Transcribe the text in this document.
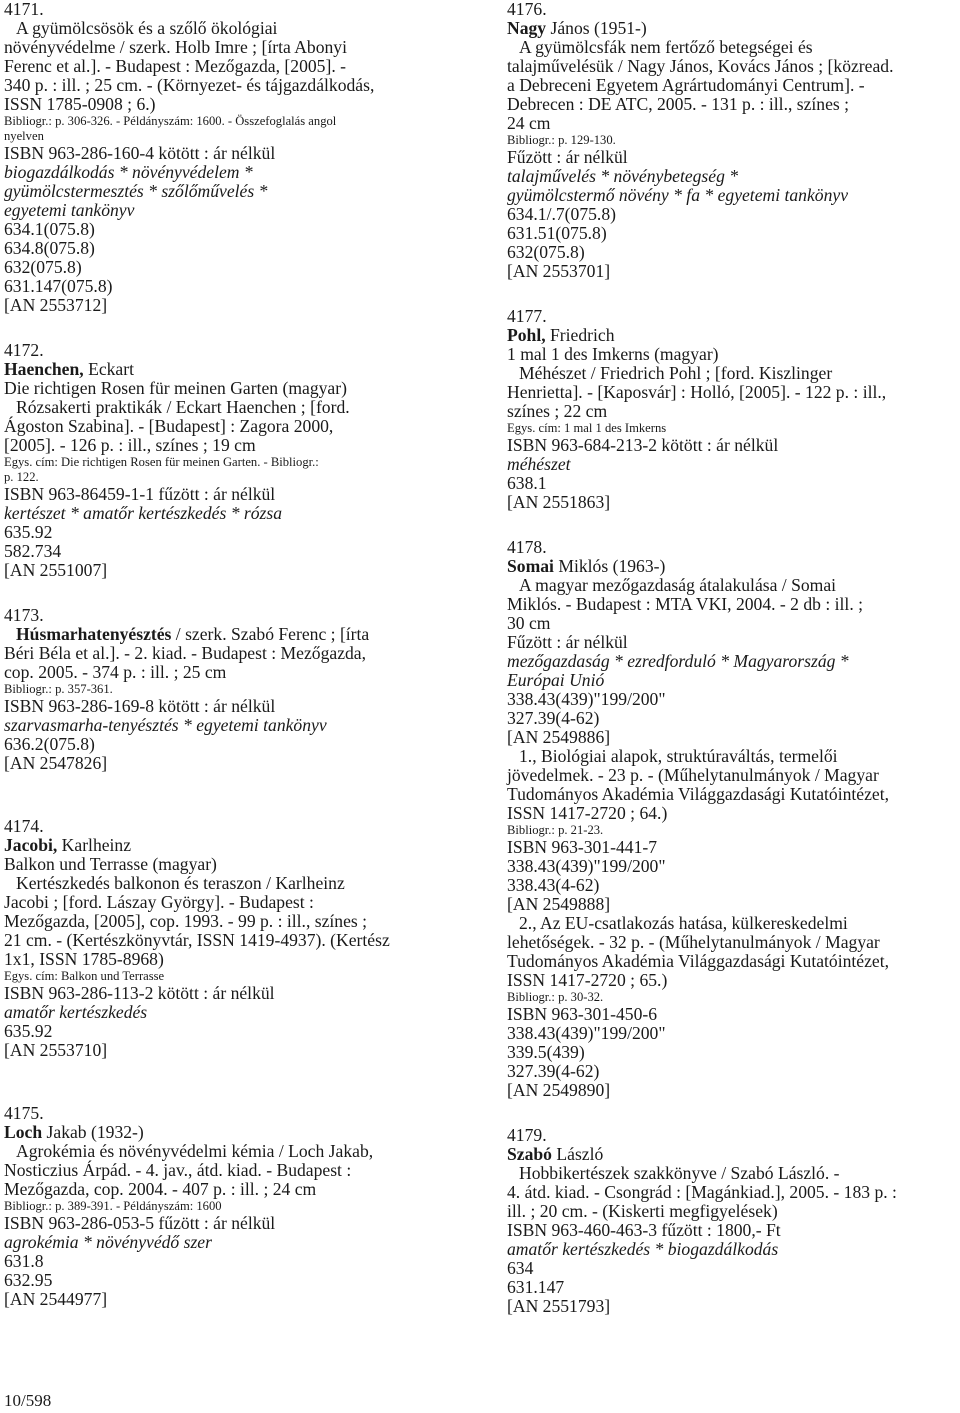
4171.
A gyümölcsösök és a szőlő ökológiai
növényvédelme / szerk. Holb Imre ; [írta Abonyi
Ferenc et al.]. - Budapest : Mezőgazda, [2005]. -
340 p. : ill. ; 25 cm. - (Környezet- és tájgazdálkodás,
ISSN 1785-0908 ; 6.)
Bibliogr.: p. 306-326. - Példányszám: 1600. - Összefoglalás angol
nyelven
ISBN 963-286-160-4 kötött : ár nélkül
biogazdálkodás * növényvédelem *
gyümölcstermesztés * szőlőművelés *
egyetemi tankönyv
634.1(075.8)
634.8(075.8)
632(075.8)
631.147(075.8)
[AN 2553712]
4172.
Haenchen, Eckart
Die richtigen Rosen für meinen Garten (magyar)
Rózsakerti praktikák / Eckart Haenchen ; [ford.
Ágoston Szabina]. - [Budapest] : Zagora 2000,
[2005]. - 126 p. : ill., színes ; 19 cm
Egys. cím: Die richtigen Rosen für meinen Garten. - Bibliogr.:
p. 122.
ISBN 963-86459-1-1 fűzött : ár nélkül
kertészet * amatőr kertészkedés * rózsa
635.92
582.734
[AN 2551007]
4173.
Húsmarhatenyésztés / szerk. Szabó Ferenc ; [írta
Béri Béla et al.]. - 2. kiad. - Budapest : Mezőgazda,
cop. 2005. - 374 p. : ill. ; 25 cm
Bibliogr.: p. 357-361.
ISBN 963-286-169-8 kötött : ár nélkül
szarvasmarha-tenyésztés * egyetemi tankönyv
636.2(075.8)
[AN 2547826]
4174.
Jacobi, Karlheinz
Balkon und Terrasse (magyar)
Kertészkedés balkonon és teraszon / Karlheinz
Jacobi ; [ford. Lászay György]. - Budapest :
Mezőgazda, [2005], cop. 1993. - 99 p. : ill., színes ;
21 cm. - (Kertészkönyvtár, ISSN 1419-4937). (Kertész
1x1, ISSN 1785-8968)
Egys. cím: Balkon und Terrasse
ISBN 963-286-113-2 kötött : ár nélkül
amatőr kertészkedés
635.92
[AN 2553710]
4175.
Loch Jakab (1932-)
Agrokémia és növényvédelmi kémia / Loch Jakab,
Nosticzius Árpád. - 4. jav., átd. kiad. - Budapest :
Mezőgazda, cop. 2004. - 407 p. : ill. ; 24 cm
Bibliogr.: p. 389-391. - Példányszám: 1600
ISBN 963-286-053-5 fűzött : ár nélkül
agrokémia * növényvédő szer
631.8
632.95
[AN 2544977]
4176.
Nagy János (1951-)
A gyümölcsfák nem fertőző betegségei és
talajművelésük / Nagy János, Kovács János ; [közread.
a Debreceni Egyetem Agrártudományi Centrum]. -
Debrecen : DE ATC, 2005. - 131 p. : ill., színes ;
24 cm
Bibliogr.: p. 129-130.
Fűzött : ár nélkül
talajművelés * növénybetegség *
gyümölcstermő növény * fa * egyetemi tankönyv
634.1/.7(075.8)
631.51(075.8)
632(075.8)
[AN 2553701]
4177.
Pohl, Friedrich
1 mal 1 des Imkerns (magyar)
Méhészet / Friedrich Pohl ; [ford. Kiszlinger
Henrietta]. - [Kaposvár] : Holló, [2005]. - 122 p. : ill.,
színes ; 22 cm
Egys. cím: 1 mal 1 des Imkerns
ISBN 963-684-213-2 kötött : ár nélkül
méhészet
638.1
[AN 2551863]
4178.
Somai Miklós (1963-)
A magyar mezőgazdaság átalakulása / Somai
Miklós. - Budapest : MTA VKI, 2004. - 2 db : ill. ;
30 cm
Fűzött : ár nélkül
mezőgazdaság * ezredforduló * Magyarország *
Európai Unió
338.43(439)"199/200"
327.39(4-62)
[AN 2549886]
1., Biológiai alapok, struktúraváltás, termelői
jövedelmek. - 23 p. - (Műhelytanulmányok / Magyar
Tudományos Akadémia Világgazdasági Kutatóintézet,
ISSN 1417-2720 ; 64.)
Bibliogr.: p. 21-23.
ISBN 963-301-441-7
338.43(439)"199/200"
338.43(4-62)
[AN 2549888]
2., Az EU-csatlakozás hatása, külkereskedelmi
lehetőségek. - 32 p. - (Műhelytanulmányok / Magyar
Tudományos Akadémia Világgazdasági Kutatóintézet,
ISSN 1417-2720 ; 65.)
Bibliogr.: p. 30-32.
ISBN 963-301-450-6
338.43(439)"199/200"
339.5(439)
327.39(4-62)
[AN 2549890]
4179.
Szabó László
Hobbikertészek szakkönyve / Szabó László. -
4. átd. kiad. - Csongrád : [Magánkiad.], 2005. - 183 p. :
ill. ; 20 cm. - (Kiskerti megfigyelések)
ISBN 963-460-463-3 fűzött : 1800,- Ft
amatőr kertészkedés * biogazdálkodás
634
631.147
[AN 2551793]
10/598
